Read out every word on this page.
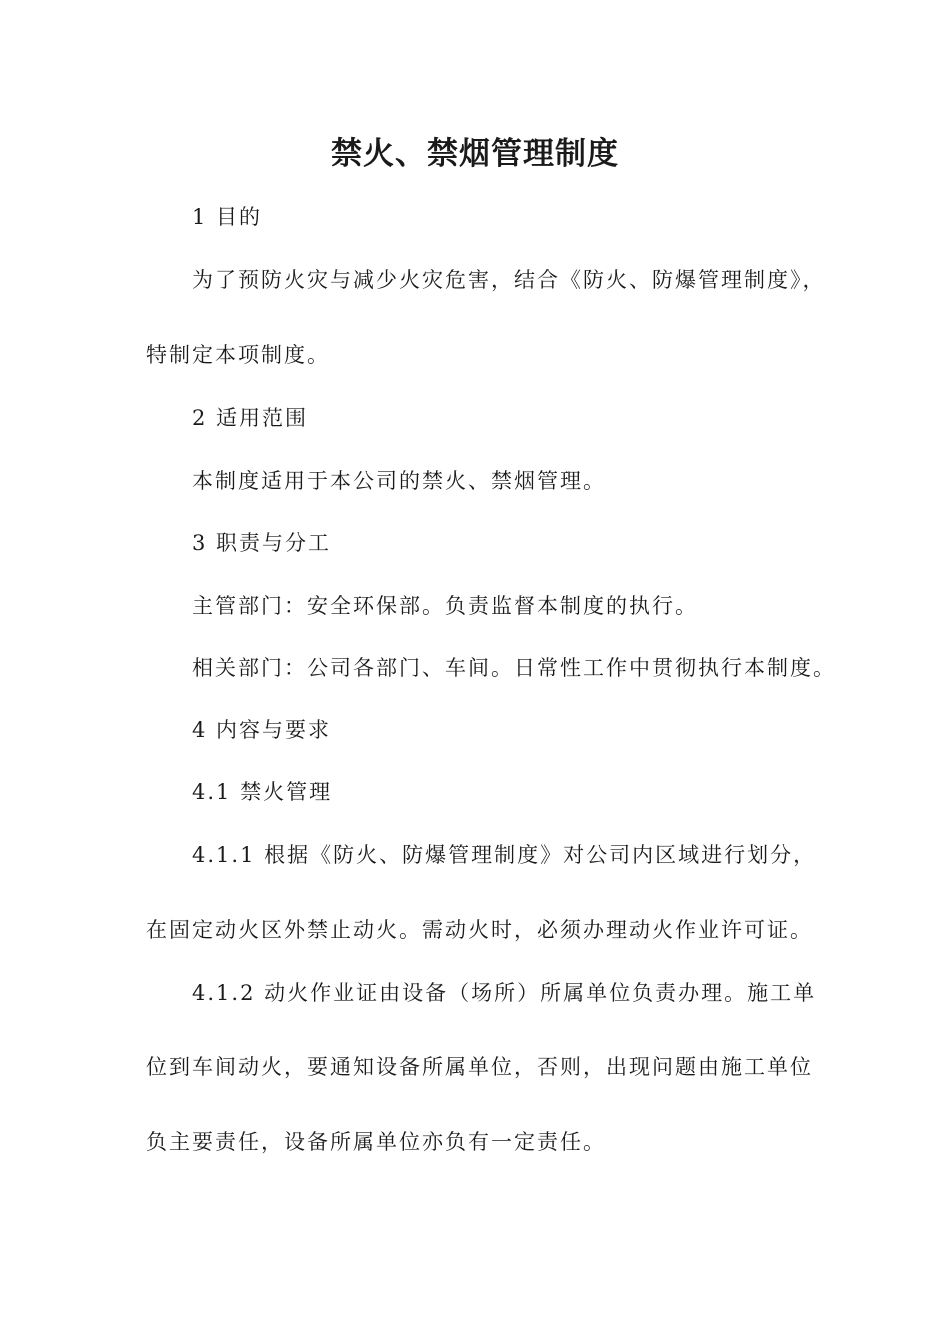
禁火、禁烟管理制度
1 目的
为了预防火灾与减少火灾危害，结合《防火、防爆管理制度》，
特制定本项制度。
2 适用范围
本制度适用于本公司的禁火、禁烟管理。
3 职责与分工
主管部门：安全环保部。负责监督本制度的执行。
相关部门：公司各部门、车间。日常性工作中贯彻执行本制度。
4 内容与要求
4.1 禁火管理
4.1.1 根据《防火、防爆管理制度》对公司内区域进行划分，
在固定动火区外禁止动火。需动火时，必须办理动火作业许可证。
4.1.2 动火作业证由设备（场所）所属单位负责办理。施工单
位到车间动火，要通知设备所属单位，否则，出现问题由施工单位
负主要责任，设备所属单位亦负有一定责任。
